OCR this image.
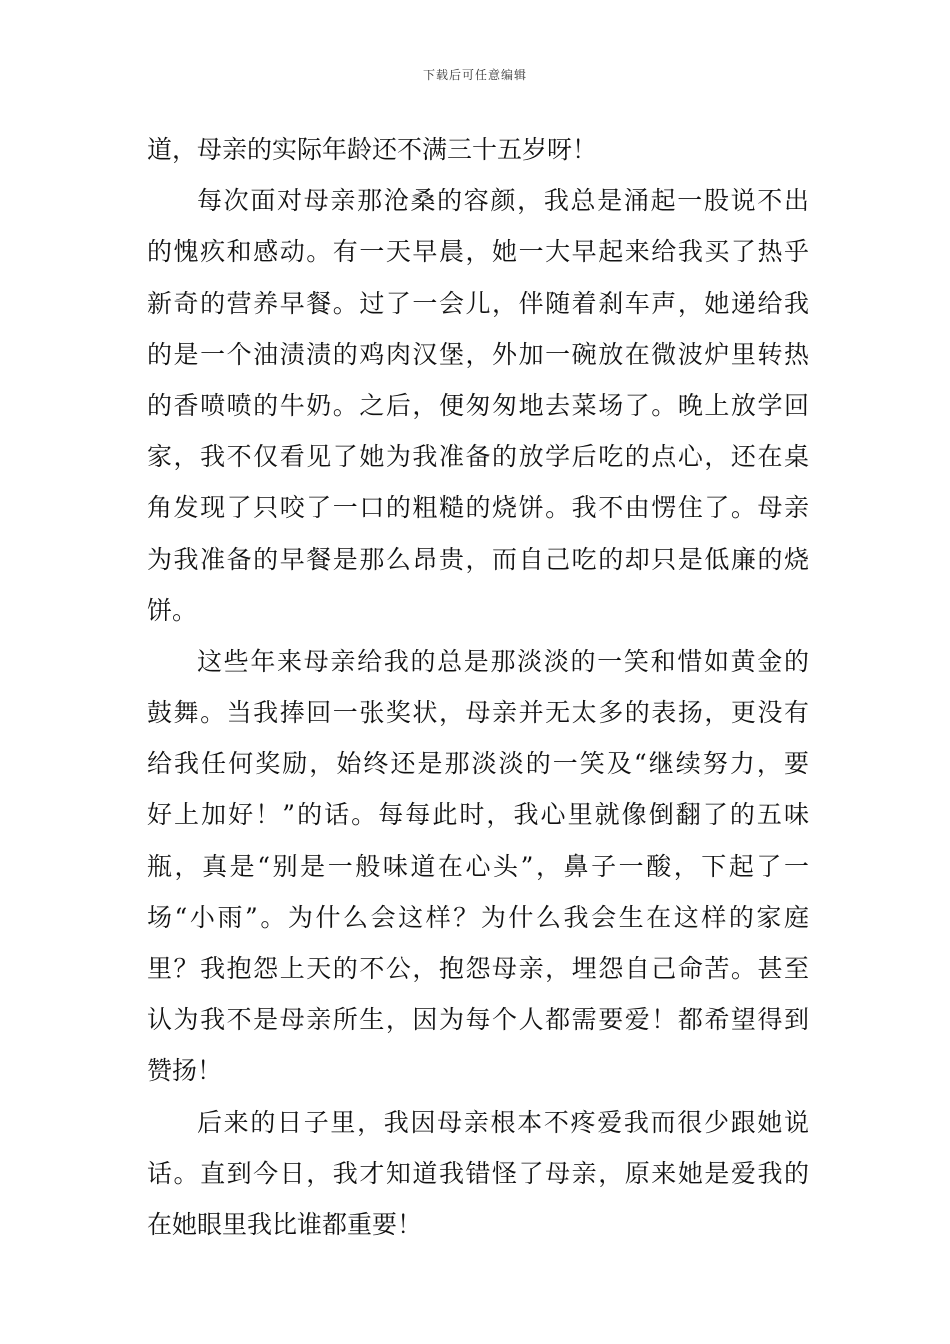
下载后可任意编辑
道，母亲的实际年龄还不满三十五岁呀！
每次面对母亲那沧桑的容颜，我总是涌起一股说不出
的愧疚和感动。有一天早晨，她一大早起来给我买了热乎
新奇的营养早餐。过了一会儿，伴随着刹车声，她递给我
的是一个油渍渍的鸡肉汉堡，外加一碗放在微波炉里转热
的香喷喷的牛奶。之后，便匆匆地去菜场了。晚上放学回
家，我不仅看见了她为我准备的放学后吃的点心，还在桌
角发现了只咬了一口的粗糙的烧饼。我不由愣住了。母亲
为我准备的早餐是那么昂贵，而自己吃的却只是低廉的烧
饼。
这些年来母亲给我的总是那淡淡的一笑和惜如黄金的
鼓舞。当我捧回一张奖状，母亲并无太多的表扬，更没有
给我任何奖励，始终还是那淡淡的一笑及“继续努力，要
好上加好！”的话。每每此时，我心里就像倒翻了的五味
瓶，真是“别是一般味道在心头”，鼻子一酸，下起了一
场“小雨”。为什么会这样？为什么我会生在这样的家庭
里？我抱怨上天的不公，抱怨母亲，埋怨自己命苦。甚至
认为我不是母亲所生，因为每个人都需要爱！都希望得到
赞扬！
后来的日子里，我因母亲根本不疼爱我而很少跟她说
话。直到今日，我才知道我错怪了母亲，原来她是爱我的
在她眼里我比谁都重要！
